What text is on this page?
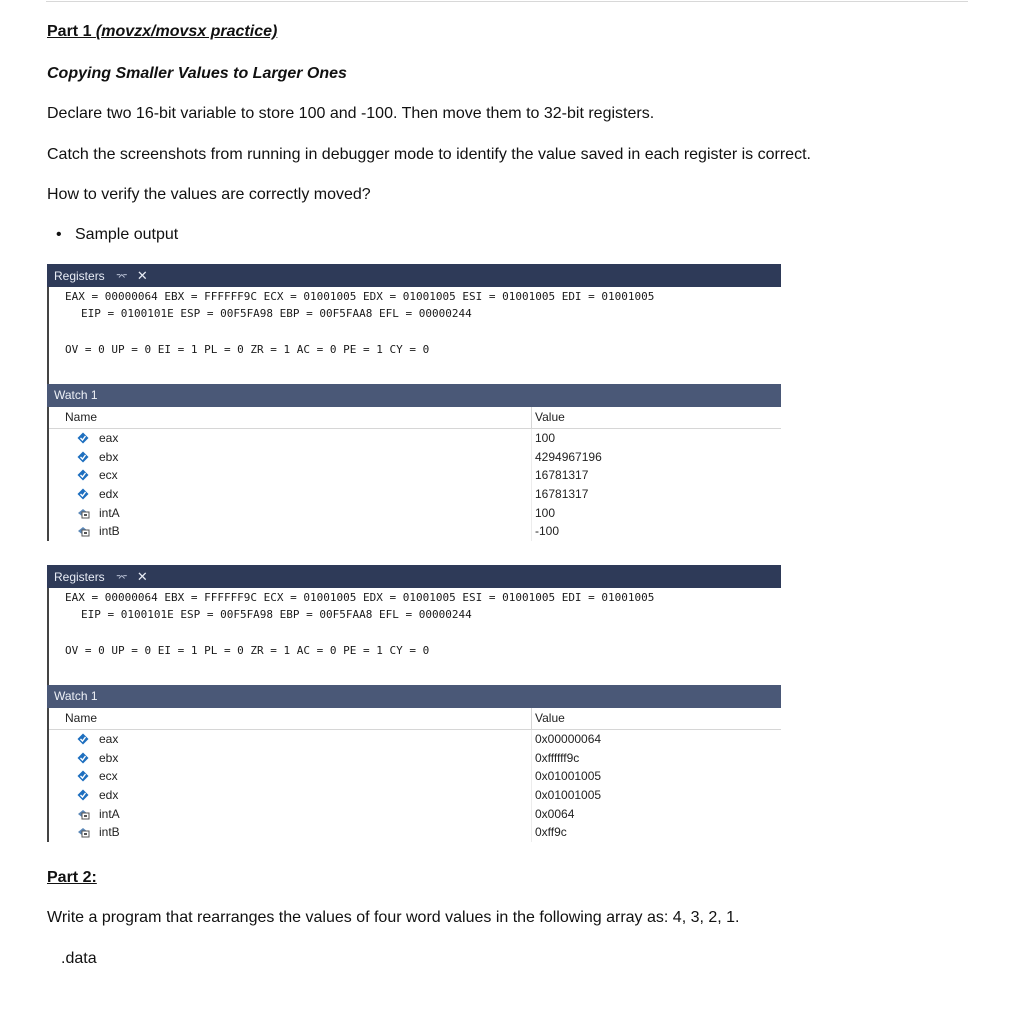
Part 1 (movzx/movsx practice)
Copying Smaller Values to Larger Ones
Declare two 16-bit variable to store 100 and -100. Then move them to 32-bit registers.
Catch the screenshots from running in debugger mode to identify the value saved in each register is correct.
How to verify the values are correctly moved?
• Sample output
Registers ⌤ ✕
EAX = 00000064 EBX = FFFFFF9C ECX = 01001005 EDX = 01001005 ESI = 01001005 EDI = 01001005
EIP = 0100101E ESP = 00F5FA98 EBP = 00F5FAA8 EFL = 00000244
OV = 0 UP = 0 EI = 1 PL = 0 ZR = 1 AC = 0 PE = 1 CY = 0
Watch 1
Name	Value
eax	100
ebx	4294967196
ecx	16781317
edx	16781317
intA	100
intB	-100
Registers ⌤ ✕
EAX = 00000064 EBX = FFFFFF9C ECX = 01001005 EDX = 01001005 ESI = 01001005 EDI = 01001005
EIP = 0100101E ESP = 00F5FA98 EBP = 00F5FAA8 EFL = 00000244
OV = 0 UP = 0 EI = 1 PL = 0 ZR = 1 AC = 0 PE = 1 CY = 0
Watch 1
Name	Value
eax	0x00000064
ebx	0xffffff9c
ecx	0x01001005
edx	0x01001005
intA	0x0064
intB	0xff9c
Part 2:
Write a program that rearranges the values of four word values in the following array as: 4, 3, 2, 1.
.data
